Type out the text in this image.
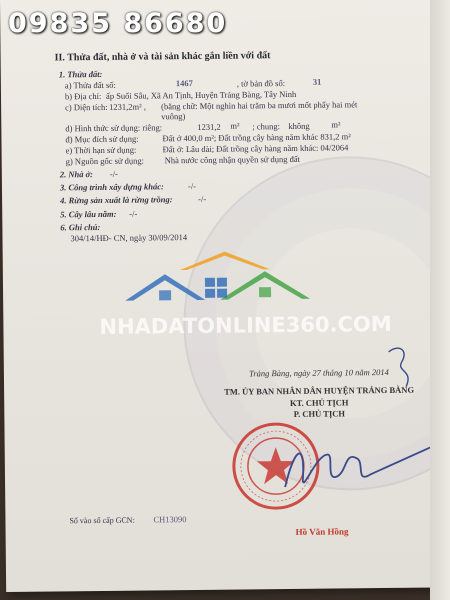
II. Thửa đất, nhà ở và tài sản khác gắn liền với đất
1. Thửa đất:
a) Thửa đất số:	1467	, tờ bản đồ số:	31
b) Địa chỉ: ấp Suối Sâu, Xã An Tịnh, Huyện Trảng Bàng, Tây Ninh
c) Diện tích: 1231,2m² , (bằng chữ: Một nghìn hai trăm ba mươi mốt phẩy hai mét
vuông)
d) Hình thức sử dụng: riêng:	1231,2 m² ; chung: không	m²
đ) Mục đích sử dụng:	Đất ở 400,0 m²; Đất trồng cây hàng năm khác 831,2 m²
e) Thời hạn sử dụng:	Đất ở: Lâu dài; Đất trồng cây hàng năm khác: 04/2064
g) Nguồn gốc sử dụng: Nhà nước công nhận quyền sử dụng đất
2. Nhà ở: -/-
3. Công trình xây dựng khác:	-/-
4. Rừng sản xuất là rừng trồng:	-/-
5. Cây lâu năm: -/-
6. Ghi chú:
304/14/HĐ- CN, ngày 30/09/2014
NHADATONLINE360.COM
Trảng Bàng, ngày 27 tháng 10 năm 2014
TM. ỦY BAN NHÂN DÂN HUYỆN TRẢNG BÀNG
KT. CHỦ TỊCH
P. CHỦ TỊCH
Hồ Văn Hồng
Số vào sổ cấp GCN: CH13090
09835 86680
